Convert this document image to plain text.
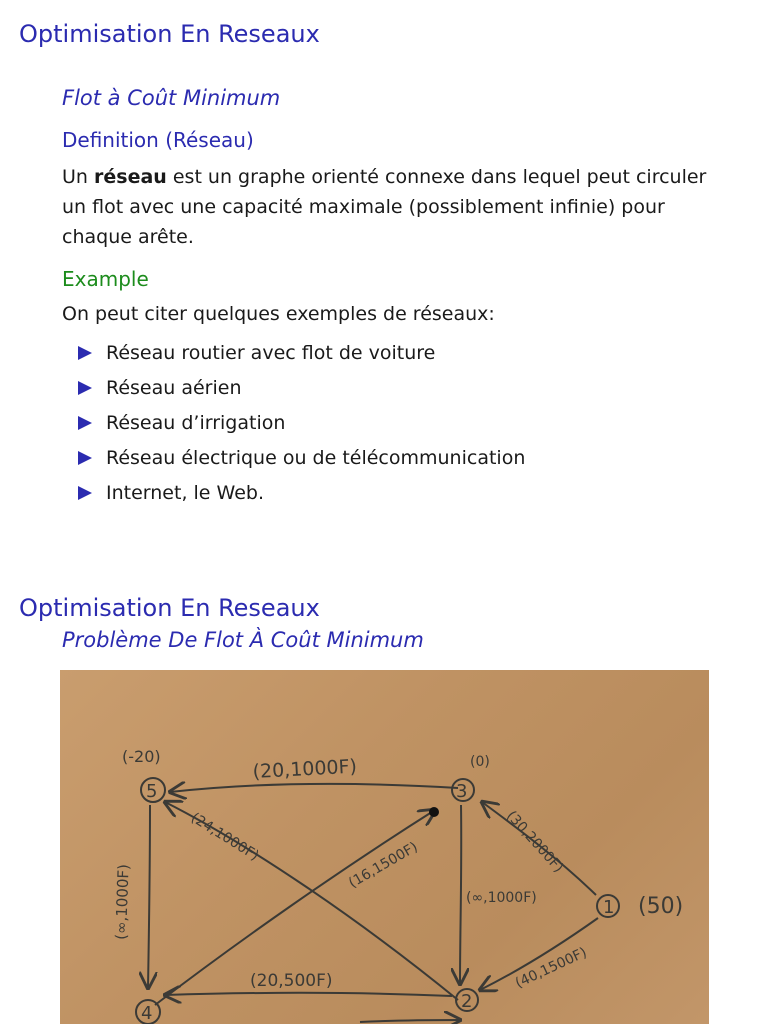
Optimisation En Reseaux
Flot à Coût Minimum
Definition (Réseau)
Un réseau est un graphe orienté connexe dans lequel peut circuler
un flot avec une capacité maximale (possiblement infinie) pour
chaque arête.
Example
On peut citer quelques exemples de réseaux:
Réseau routier avec flot de voiture
Réseau aérien
Réseau d’irrigation
Réseau électrique ou de télécommunication
Internet, le Web.
Optimisation En Reseaux
Problème De Flot À Coût Minimum
5	3
1
2
4
(-20)	(0)
(50)
(20,1000F)
(24,1000F)
(16,1500F)	(30,2000F)
(∞,1000F)
(40,1500F)
(∞,1000F)
(20,500F)
